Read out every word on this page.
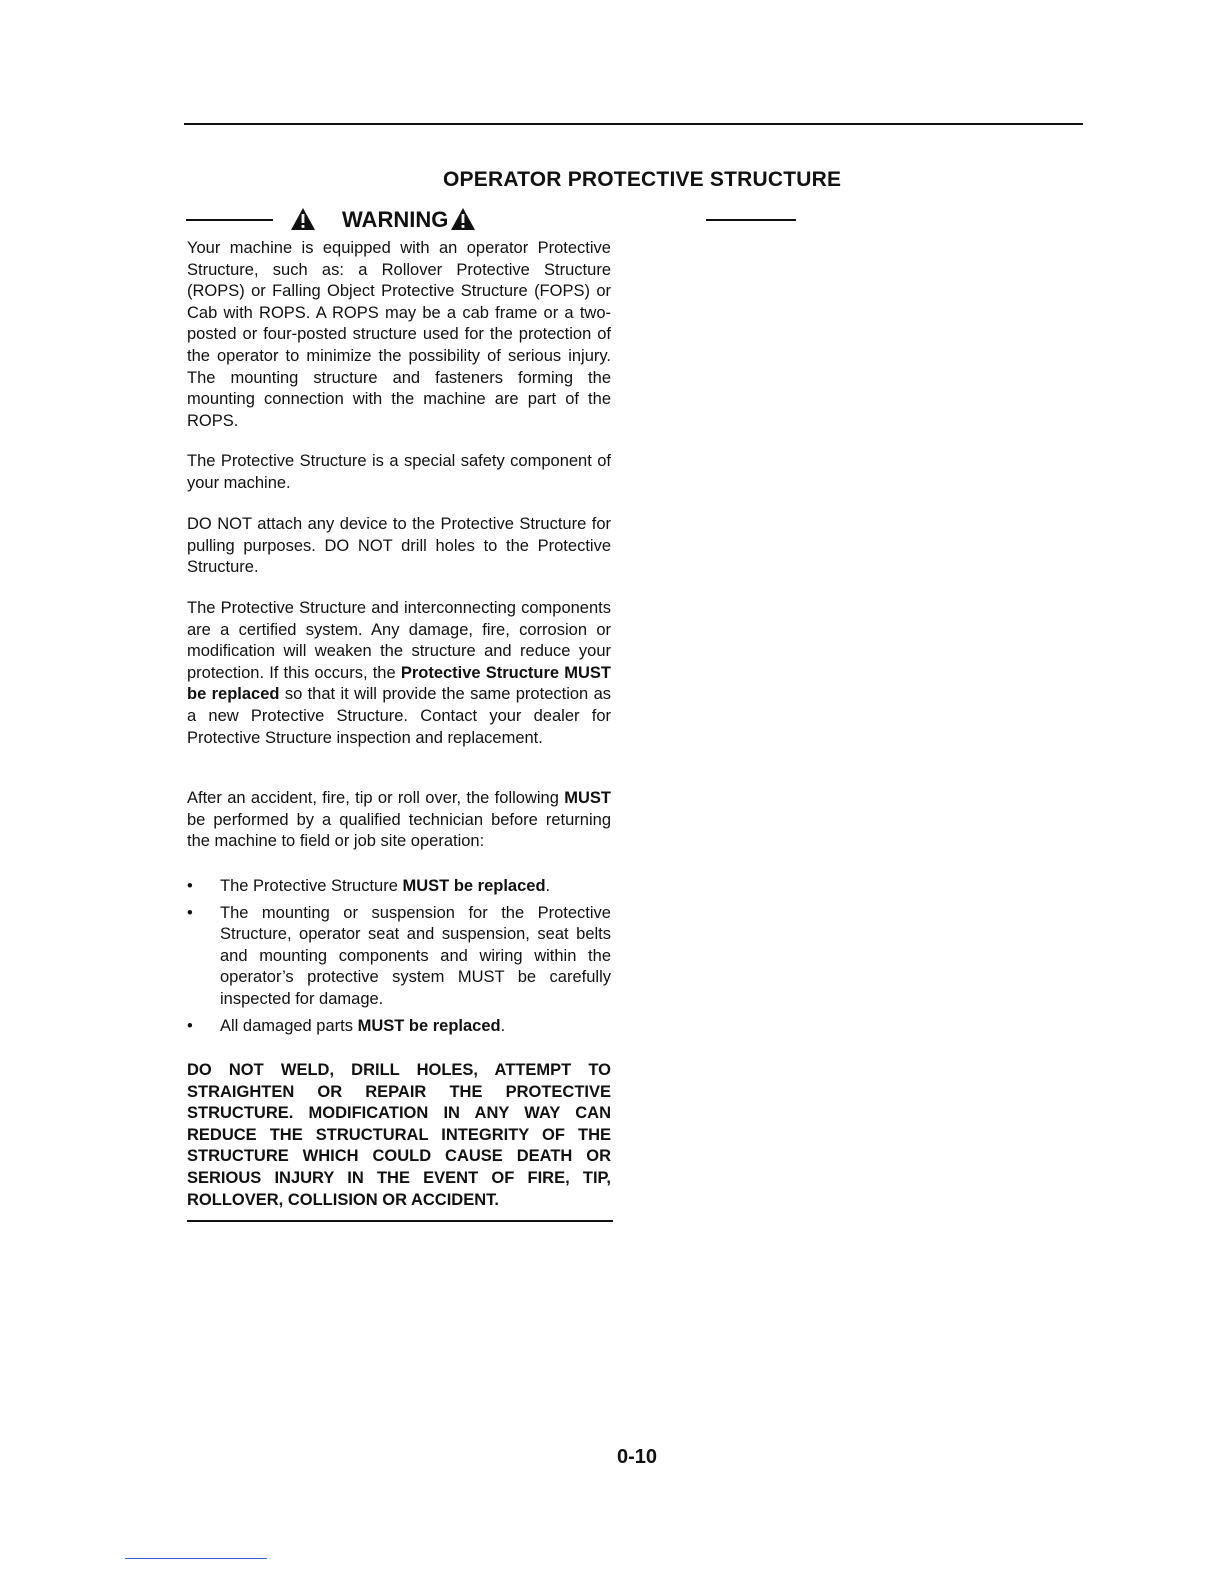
OPERATOR PROTECTIVE STRUCTURE
WARNING

Your machine is equipped with an operator Protective Structure, such as: a Rollover Protective Structure (ROPS) or Falling Object Protective Structure (FOPS) or Cab with ROPS. A ROPS may be a cab frame or a two-posted or four-posted structure used for the protection of the operator to minimize the possibility of serious injury. The mounting structure and fasteners forming the mounting connection with the machine are part of the ROPS.

The Protective Structure is a special safety component of your machine.

DO NOT attach any device to the Protective Structure for pulling purposes. DO NOT drill holes to the Protective Structure.

The Protective Structure and interconnecting components are a certified system. Any damage, fire, corrosion or modification will weaken the structure and reduce your protection. If this occurs, the Protective Structure MUST be replaced so that it will provide the same protection as a new Protective Structure. Contact your dealer for Protective Structure inspection and replacement.

After an accident, fire, tip or roll over, the following MUST be performed by a qualified technician before returning the machine to field or job site operation:

• The Protective Structure MUST be replaced.
• The mounting or suspension for the Protective Structure, operator seat and suspension, seat belts and mounting components and wiring within the operator’s protective system MUST be carefully inspected for damage.
• All damaged parts MUST be replaced.

DO NOT WELD, DRILL HOLES, ATTEMPT TO STRAIGHTEN OR REPAIR THE PROTECTIVE STRUCTURE. MODIFICATION IN ANY WAY CAN REDUCE THE STRUCTURAL INTEGRITY OF THE STRUCTURE WHICH COULD CAUSE DEATH OR SERIOUS INJURY IN THE EVENT OF FIRE, TIP, ROLLOVER, COLLISION OR ACCIDENT.

0-10
